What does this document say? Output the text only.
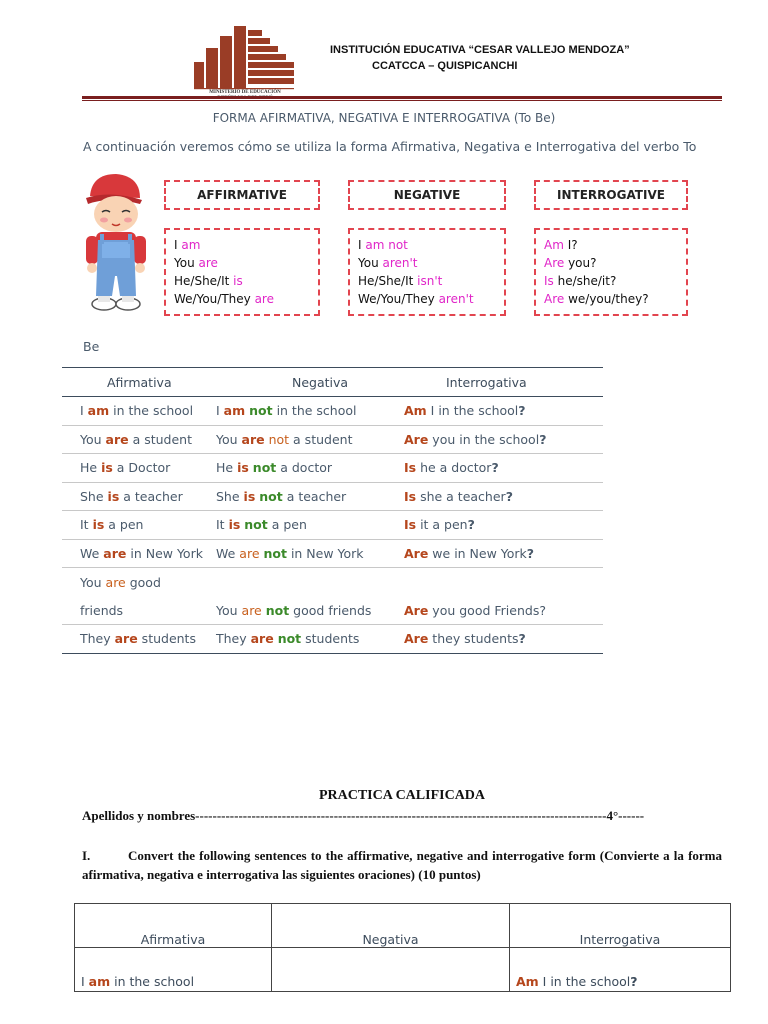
MINISTERIO DE EDUCACIÓN
INSTITUCIÓN EDUCATIVA “CESAR VALLEJO MENDOZA”
CCATCCA – QUISPICANCHI
FORMA AFIRMATIVA, NEGATIVA E INTERROGATIVA (To Be)
A continuación veremos cómo se utiliza la forma Afirmativa, Negativa e Interrogativa del verbo To
AFFIRMATIVE	NEGATIVE	INTERROGATIVE
I am
You are
He/She/It is
We/You/They are
I am not
You aren't
He/She/It isn't
We/You/They aren't
Am I?
Are you?
Is he/she/it?
Are we/you/they?
Be
Afirmativa	Negativa	Interrogativa
I am in the school	I am not in the school	Am I in the school?
You are a student	You are not a student	Are you in the school?
He is a Doctor	He is not a doctor	Is he a doctor?
She is a teacher	She is not a teacher	Is she a teacher?
It is a pen	It is not a pen	Is it a pen?
We are in New York	We are not in New York	Are we in New York?
You are good		
friends	You are not good friends	Are you good Friends?
They are students	They are not students	Are they students?
PRACTICA CALIFICADA
Apellidos y nombres-----------------------------------------------------------------------------------------------4°------
I.	Convert the following sentences to the affirmative, negative and interrogative form (Convierte a la forma afirmativa, negativa e interrogativa las siguientes oraciones) (10 puntos)
Afirmativa	Negativa	Interrogativa
I am in the school		Am I in the school?
